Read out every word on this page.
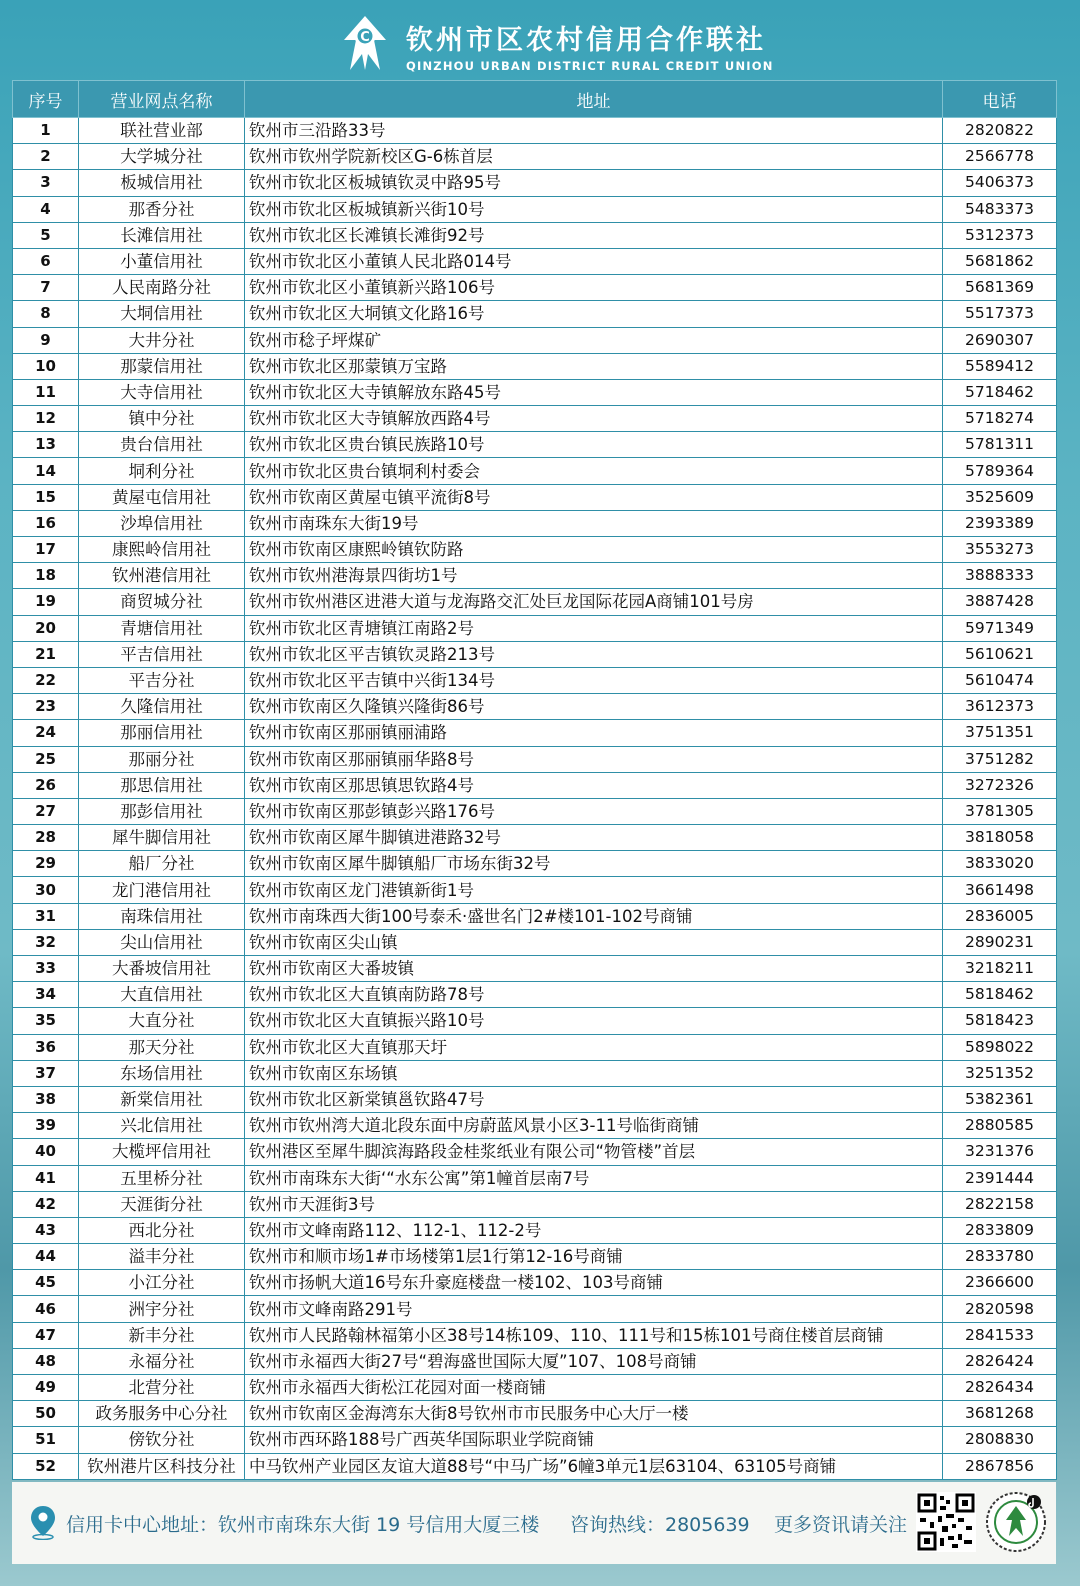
C 钦州市区农村信用合作联社
QINZHOU URBAN DISTRICT RURAL CREDIT UNION
序号	营业网点名称	地址	电话
1	联社营业部	钦州市三沿路33号	2820822
2	大学城分社	钦州市钦州学院新校区G-6栋首层	2566778
3	板城信用社	钦州市钦北区板城镇钦灵中路95号	5406373
4	那香分社	钦州市钦北区板城镇新兴街10号	5483373
5	长滩信用社	钦州市钦北区长滩镇长滩街92号	5312373
6	小董信用社	钦州市钦北区小董镇人民北路014号	5681862
7	人民南路分社	钦州市钦北区小董镇新兴路106号	5681369
8	大垌信用社	钦州市钦北区大垌镇文化路16号	5517373
9	大井分社	钦州市稔子坪煤矿	2690307
10	那蒙信用社	钦州市钦北区那蒙镇万宝路	5589412
11	大寺信用社	钦州市钦北区大寺镇解放东路45号	5718462
12	镇中分社	钦州市钦北区大寺镇解放西路4号	5718274
13	贵台信用社	钦州市钦北区贵台镇民族路10号	5781311
14	垌利分社	钦州市钦北区贵台镇垌利村委会	5789364
15	黄屋屯信用社	钦州市钦南区黄屋屯镇平流街8号	3525609
16	沙埠信用社	钦州市南珠东大街19号	2393389
17	康熙岭信用社	钦州市钦南区康熙岭镇钦防路	3553273
18	钦州港信用社	钦州市钦州港海景四街坊1号	3888333
19	商贸城分社	钦州市钦州港区进港大道与龙海路交汇处巨龙国际花园A商铺101号房	3887428
20	青塘信用社	钦州市钦北区青塘镇江南路2号	5971349
21	平吉信用社	钦州市钦北区平吉镇钦灵路213号	5610621
22	平吉分社	钦州市钦北区平吉镇中兴街134号	5610474
23	久隆信用社	钦州市钦南区久隆镇兴隆街86号	3612373
24	那丽信用社	钦州市钦南区那丽镇丽浦路	3751351
25	那丽分社	钦州市钦南区那丽镇丽华路8号	3751282
26	那思信用社	钦州市钦南区那思镇思钦路4号	3272326
27	那彭信用社	钦州市钦南区那彭镇彭兴路176号	3781305
28	犀牛脚信用社	钦州市钦南区犀牛脚镇进港路32号	3818058
29	船厂分社	钦州市钦南区犀牛脚镇船厂市场东街32号	3833020
30	龙门港信用社	钦州市钦南区龙门港镇新街1号	3661498
31	南珠信用社	钦州市南珠西大街100号泰禾·盛世名门2#楼101-102号商铺	2836005
32	尖山信用社	钦州市钦南区尖山镇	2890231
33	大番坡信用社	钦州市钦南区大番坡镇	3218211
34	大直信用社	钦州市钦北区大直镇南防路78号	5818462
35	大直分社	钦州市钦北区大直镇振兴路10号	5818423
36	那天分社	钦州市钦北区大直镇那天圩	5898022
37	东场信用社	钦州市钦南区东场镇	3251352
38	新棠信用社	钦州市钦北区新棠镇邕钦路47号	5382361
39	兴北信用社	钦州市钦州湾大道北段东面中房蔚蓝风景小区3-11号临街商铺	2880585
40	大榄坪信用社	钦州港区至犀牛脚滨海路段金桂浆纸业有限公司“物管楼”首层	3231376
41	五里桥分社	钦州市南珠东大街‘“水东公寓”第1幢首层南7号	2391444
42	天涯街分社	钦州市天涯街3号	2822158
43	西北分社	钦州市文峰南路112、112-1、112-2号	2833809
44	溢丰分社	钦州市和顺市场1#市场楼第1层1行第12-16号商铺	2833780
45	小江分社	钦州市扬帆大道16号东升豪庭楼盘一楼102、103号商铺	2366600
46	洲宇分社	钦州市文峰南路291号	2820598
47	新丰分社	钦州市人民路翰林福第小区38号14栋109、110、111号和15栋101号商住楼首层商铺	2841533
48	永福分社	钦州市永福西大街27号“碧海盛世国际大厦”107、108号商铺	2826424
49	北营分社	钦州市永福西大街松江花园对面一楼商铺	2826434
50	政务服务中心分社	钦州市钦南区金海湾东大街8号钦州市市民服务中心大厅一楼	3681268
51	傍钦分社	钦州市西环路188号广西英华国际职业学院商铺	2808830
52	钦州港片区科技分社	中马钦州产业园区友谊大道88号“中马广场”6幢3单元1层63104、63105号商铺	2867856
信用卡中心地址：钦州市南珠东大街 19 号信用大厦三楼 咨询热线：2805639 更多资讯请关注
